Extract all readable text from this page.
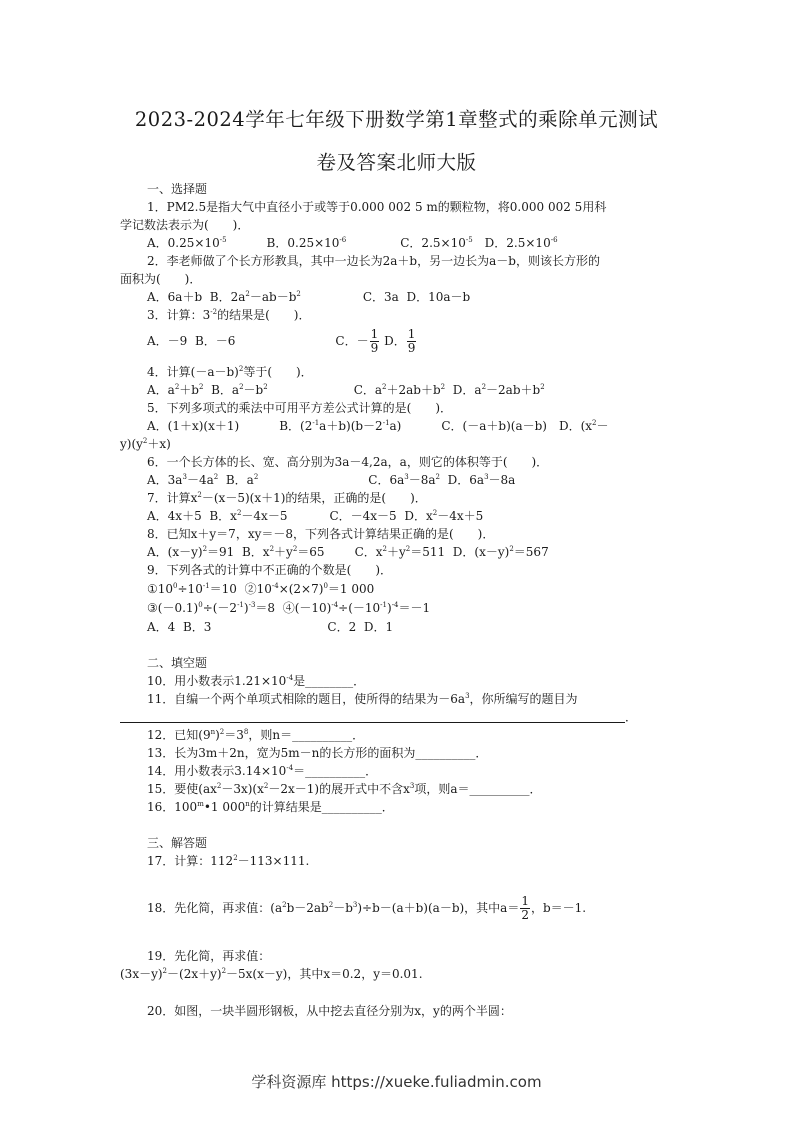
2023-2024学年七年级下册数学第1章整式的乘除单元测试
卷及答案北师大版
一、选择题
1．PM2.5是指大气中直径小于或等于0.000 002 5 m的颗粒物，将0.000 002 5用科
学记数法表示为(　　)．
A．$0.25\times 10^{-5}$	B．$0.25\times 10^{-6}$	C．$2.5\times 10^{-5}$ D．$2.5\times 10^{-6}$
2．李老师做了个长方形教具，其中一边长为2a＋b，另一边长为a－b，则该长方形的
面积为(　　)．
A．6a＋b B．$2a^2-ab-b^2$	C．3a D．10a－b
3．计算：$3^{-2}$的结果是(　　)．
A．－9 B．－6	C．－ $\frac{1}{9}$ D． $\frac{1}{9}$
4．计算$(-a-b)^2$等于(　　)．
A．$a^2+b^2$ B．$a^2-b^2$	C．$a^2+2ab+b^2$ D．$a^2-2ab+b^2$
5．下列多项式的乘法中可用平方差公式计算的是(　　)．
A．(1＋x)(x＋1)	B．$(2^{-1}a+b)(b-2^{-1}a)$	C．(－a＋b)(a－b) D．($x^2-$
$y)(y^2+x)$
6．一个长方体的长、宽、高分别为3a－4,2a，a，则它的体积等于(　　)．
A．$3a^3-4a^2$ B．$a^2$	C．$6a^3-8a^2$ D．$6a^3-8a$
7．计算$x^2-(x-5)(x+1)$的结果，正确的是(　　)．
A．4x＋5 B．$x^2-4x-5$	C．－4x－5 D．$x^2-4x+5$
8．已知x＋y＝7，xy＝－8，下列各式计算结果正确的是(　　)．
A．$(x-y)^2=91$ B．$x^2+y^2=65$	C．$x^2+y^2=511$ D．$(x-y)^2=567$
9．下列各式的计算中不正确的个数是(　　)．
$①10^0\div 10^{-1}=10$ $②10^{-4}\times(2\times 7)^0=1$ 000
$③(-0.1)^0\div(-2^{-1})^{-3}=8$ $④(-10)^{-4}\div(-10^{-1})^{-4}=-1$
A．4 B．3	C．2 D．1
二、填空题
10．用小数表示$1.21\times 10^{-4}$是________．
11．自编一个两个单项式相除的题目，使所得的结果为$-6a^3$，你所编写的题目为
．
12．已知$(9^n)^2=3^8$，则n＝__________．
13．长为3m＋2n，宽为5m－n的长方形的面积为__________．
14．用小数表示$3.14\times 10^{-4}=\_\_\_\_\_\_\_\_\_\_$．
15．要使$(ax^2-3x)(x^2-2x-1)$的展开式中不含$x^3$项，则a＝__________．
16．100$^m$•1 000$^n$的计算结果是__________．
三、解答题
17．计算：$112^2-113\times 111$.
18．先化简，再求值：$(a^2b-2ab^2-b^3)\div b-(a+b)(a-b)$，其中$a= \frac{1}{2}$ ，b＝－1.
19．先化简，再求值：
$(3x-y)^2-(2x+y)^2-5x(x-y)$，其中x＝0.2，y＝0.01.
20．如图，一块半圆形钢板，从中挖去直径分别为x，y的两个半圆：
学科资源库 https://xueke.fuliadmin.com
